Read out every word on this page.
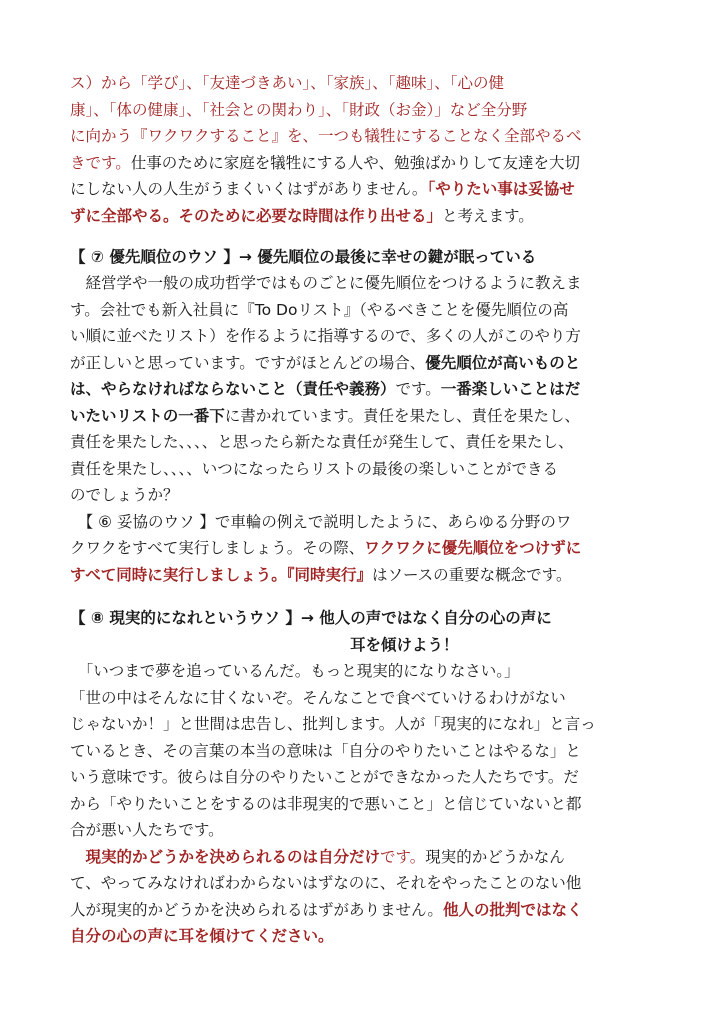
ス）から「学び」、「友達づきあい」、「家族」、「趣味」、「心の健
康」、「体の健康」、「社会との関わり」、「財政（お金）」など全分野
に向かう『ワクワクすること』を、一つも犠牲にすることなく全部やるべ
きです。仕事のために家庭を犠牲にする人や、勉強ばかりして友達を大切
にしない人の人生がうまくいくはずがありません。「やりたい事は妥協せ
ずに全部やる。そのために必要な時間は作り出せる」と考えます。
【 ⑦ 優先順位のウソ 】→ 優先順位の最後に幸せの鍵が眠っている
　経営学や一般の成功哲学ではものごとに優先順位をつけるように教えま
す。会社でも新入社員に『To Doリスト』（やるべきことを優先順位の高
い順に並べたリスト）を作るように指導するので、多くの人がこのやり方
が正しいと思っています。ですがほとんどの場合、優先順位が高いものと
は、やらなければならないこと（責任や義務）です。一番楽しいことはだ
いたいリストの一番下に書かれています。責任を果たし、責任を果たし、
責任を果たした、、、、と思ったら新たな責任が発生して、責任を果たし、
責任を果たし、、、、いつになったらリストの最後の楽しいことができる
のでしょうか？
　【 ⑥ 妥協のウソ 】で車輪の例えで説明したように、あらゆる分野のワ
クワクをすべて実行しましょう。その際、ワクワクに優先順位をつけずに
すべて同時に実行しましょう。『同時実行』はソースの重要な概念です。
【 ⑧ 現実的になれというウソ 】→ 他人の声ではなく自分の心の声に
耳を傾けよう！
　「いつまで夢を追っているんだ。もっと現実的になりなさい。」
「世の中はそんなに甘くないぞ。そんなことで食べていけるわけがない
じゃないか！」と世間は忠告し、批判します。人が「現実的になれ」と言っ
ているとき、その言葉の本当の意味は「自分のやりたいことはやるな」と
いう意味です。彼らは自分のやりたいことができなかった人たちです。だ
から「やりたいことをするのは非現実的で悪いこと」と信じていないと都
合が悪い人たちです。
　現実的かどうかを決められるのは自分だけです。現実的かどうかなん
て、やってみなければわからないはずなのに、それをやったことのない他
人が現実的かどうかを決められるはずがありません。他人の批判ではなく
自分の心の声に耳を傾けてください。
